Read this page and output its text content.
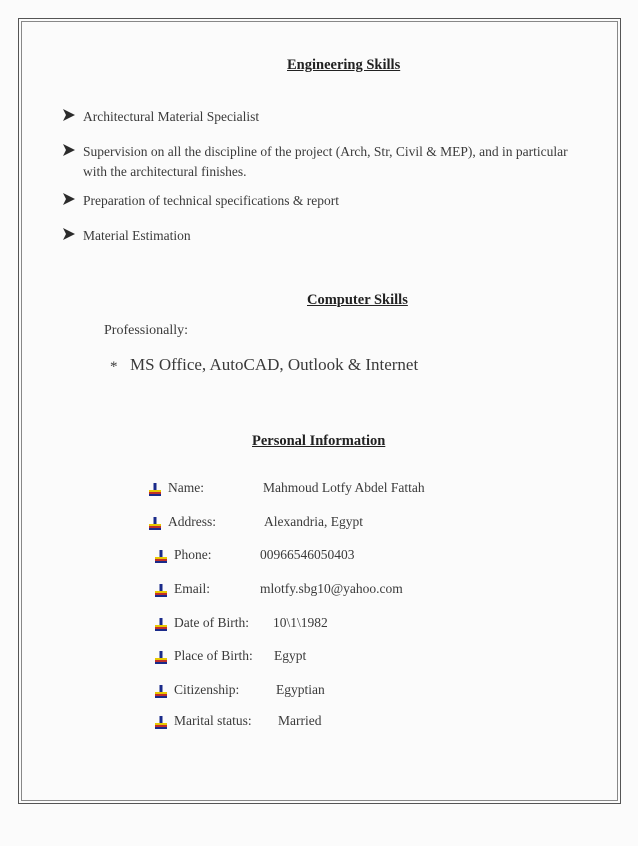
Engineering Skills
Architectural Material Specialist
Supervision on all the discipline of the project (Arch, Str, Civil & MEP), and in particular
with the architectural finishes.
Preparation of technical specifications & report
Material Estimation
Computer Skills
Professionally:
* MS Office, AutoCAD, Outlook & Internet
Personal Information
Name:	Mahmoud Lotfy Abdel Fattah
Address:	Alexandria, Egypt
Phone:	00966546050403
Email:	mlotfy.sbg10@yahoo.com
Date of Birth: 10\1\1982
Place of Birth: Egypt
Citizenship:	Egyptian
Marital status: Married
